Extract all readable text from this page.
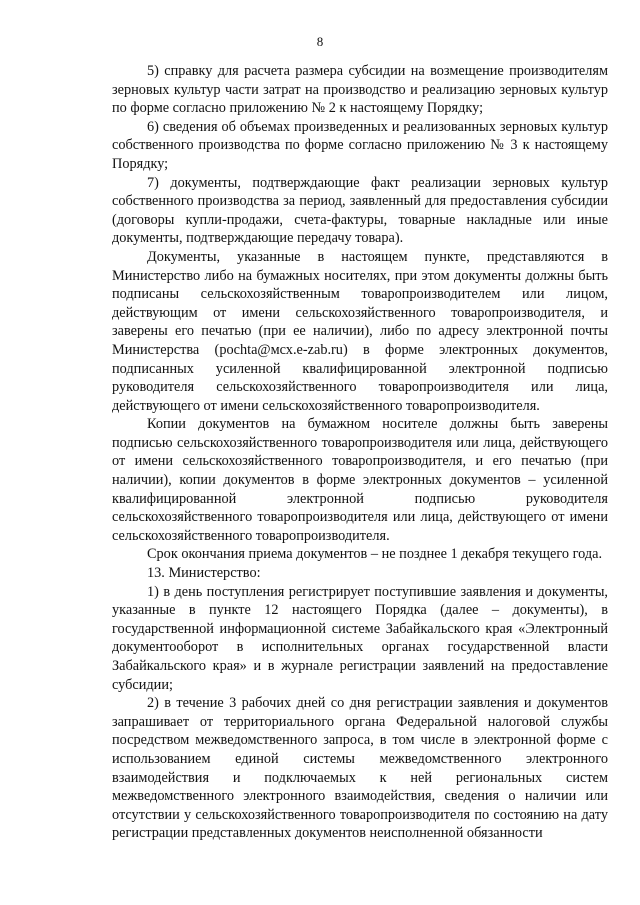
8

5) справку для расчета размера субсидии на возмещение производителям зерновых культур части затрат на производство и реализацию зерновых культур по форме согласно приложению № 2 к настоящему Порядку;

6) сведения об объемах произведенных и реализованных зерновых культур собственного производства по форме согласно приложению № 3 к настоящему Порядку;

7) документы, подтверждающие факт реализации зерновых культур собственного производства за период, заявленный для предоставления субсидии (договоры купли-продажи, счета-фактуры, товарные накладные или иные документы, подтверждающие передачу товара).

Документы, указанные в настоящем пункте, представляются в Министерство либо на бумажных носителях, при этом документы должны быть подписаны сельскохозяйственным товаропроизводителем или лицом, действующим от имени сельскохозяйственного товаропроизводителя, и заверены его печатью (при ее наличии), либо по адресу электронной почты Министерства (pochta@мсх.e-zab.ru) в форме электронных документов, подписанных усиленной квалифицированной электронной подписью руководителя сельскохозяйственного товаропроизводителя или лица, действующего от имени сельскохозяйственного товаропроизводителя.

Копии документов на бумажном носителе должны быть заверены подписью сельскохозяйственного товаропроизводителя или лица, действующего от имени сельскохозяйственного товаропроизводителя, и его печатью (при наличии), копии документов в форме электронных документов – усиленной квалифицированной электронной подписью руководителя сельскохозяйственного товаропроизводителя или лица, действующего от имени сельскохозяйственного товаропроизводителя.

Срок окончания приема документов – не позднее 1 декабря текущего года.

13. Министерство:

1) в день поступления регистрирует поступившие заявления и документы, указанные в пункте 12 настоящего Порядка (далее – документы), в государственной информационной системе Забайкальского края «Электронный документооборот в исполнительных органах государственной власти Забайкальского края» и в журнале регистрации заявлений на предоставление субсидии;

2) в течение 3 рабочих дней со дня регистрации заявления и документов запрашивает от территориального органа Федеральной налоговой службы посредством межведомственного запроса, в том числе в электронной форме с использованием единой системы межведомственного электронного взаимодействия и подключаемых к ней региональных систем межведомственного электронного взаимодействия, сведения о наличии или отсутствии у сельскохозяйственного товаропроизводителя по состоянию на дату регистрации представленных документов неисполненной обязанности
